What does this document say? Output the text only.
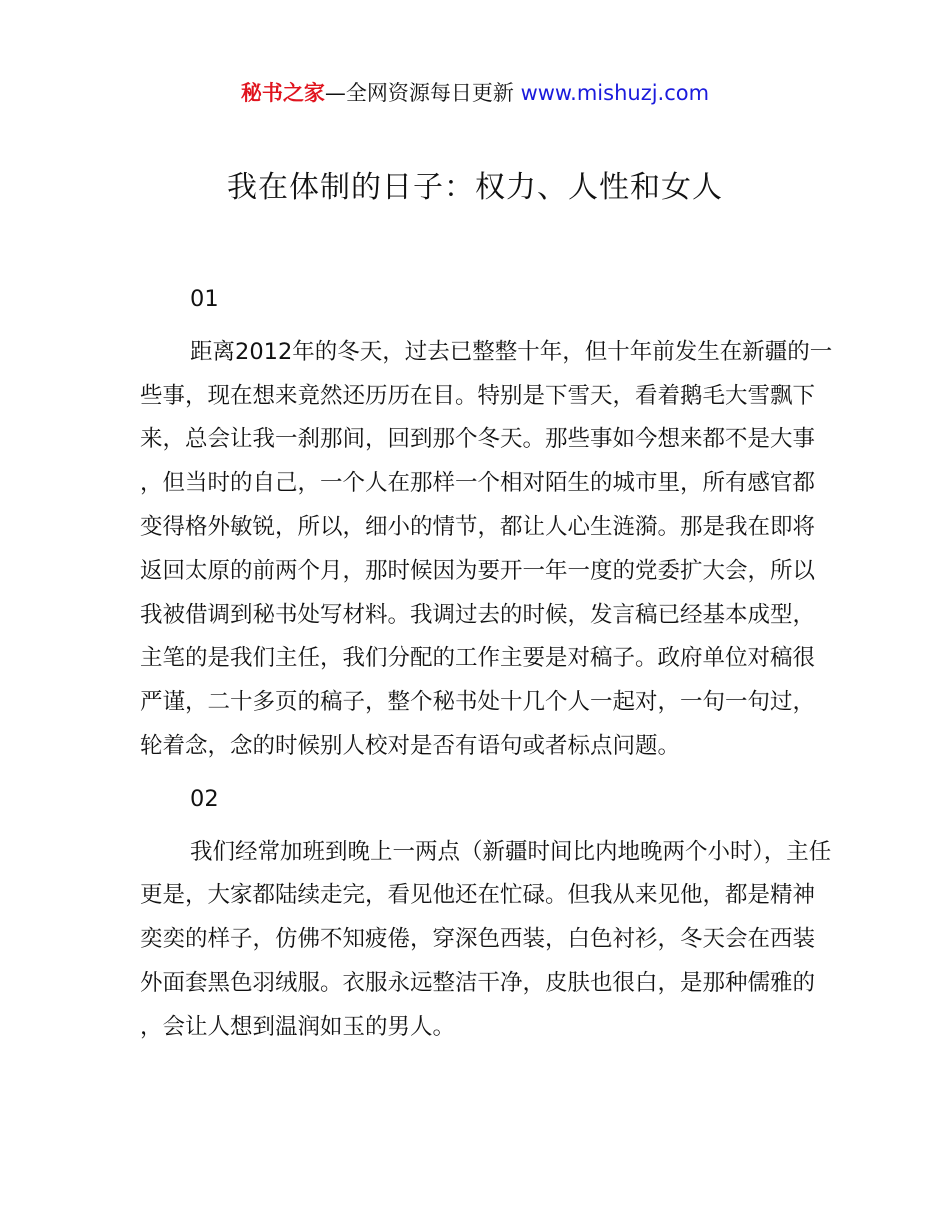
秘书之家—全网资源每日更新 www.mishuzj.com
我在体制的日子：权力、人性和女人

01

距离2012年的冬天，过去已整整十年，但十年前发生在新疆的一些事，现在想来竟然还历历在目。特别是下雪天，看着鹅毛大雪飘下来，总会让我一刹那间，回到那个冬天。那些事如今想来都不是大事，但当时的自己，一个人在那样一个相对陌生的城市里，所有感官都变得格外敏锐，所以，细小的情节，都让人心生涟漪。那是我在即将返回太原的前两个月，那时候因为要开一年一度的党委扩大会，所以我被借调到秘书处写材料。我调过去的时候，发言稿已经基本成型，主笔的是我们主任，我们分配的工作主要是对稿子。政府单位对稿很严谨，二十多页的稿子，整个秘书处十几个人一起对，一句一句过，轮着念，念的时候别人校对是否有语句或者标点问题。

02

我们经常加班到晚上一两点（新疆时间比内地晚两个小时），主任更是，大家都陆续走完，看见他还在忙碌。但我从来见他，都是精神奕奕的样子，仿佛不知疲倦，穿深色西装，白色衬衫，冬天会在西装外面套黑色羽绒服。衣服永远整洁干净，皮肤也很白，是那种儒雅的，会让人想到温润如玉的男人。
